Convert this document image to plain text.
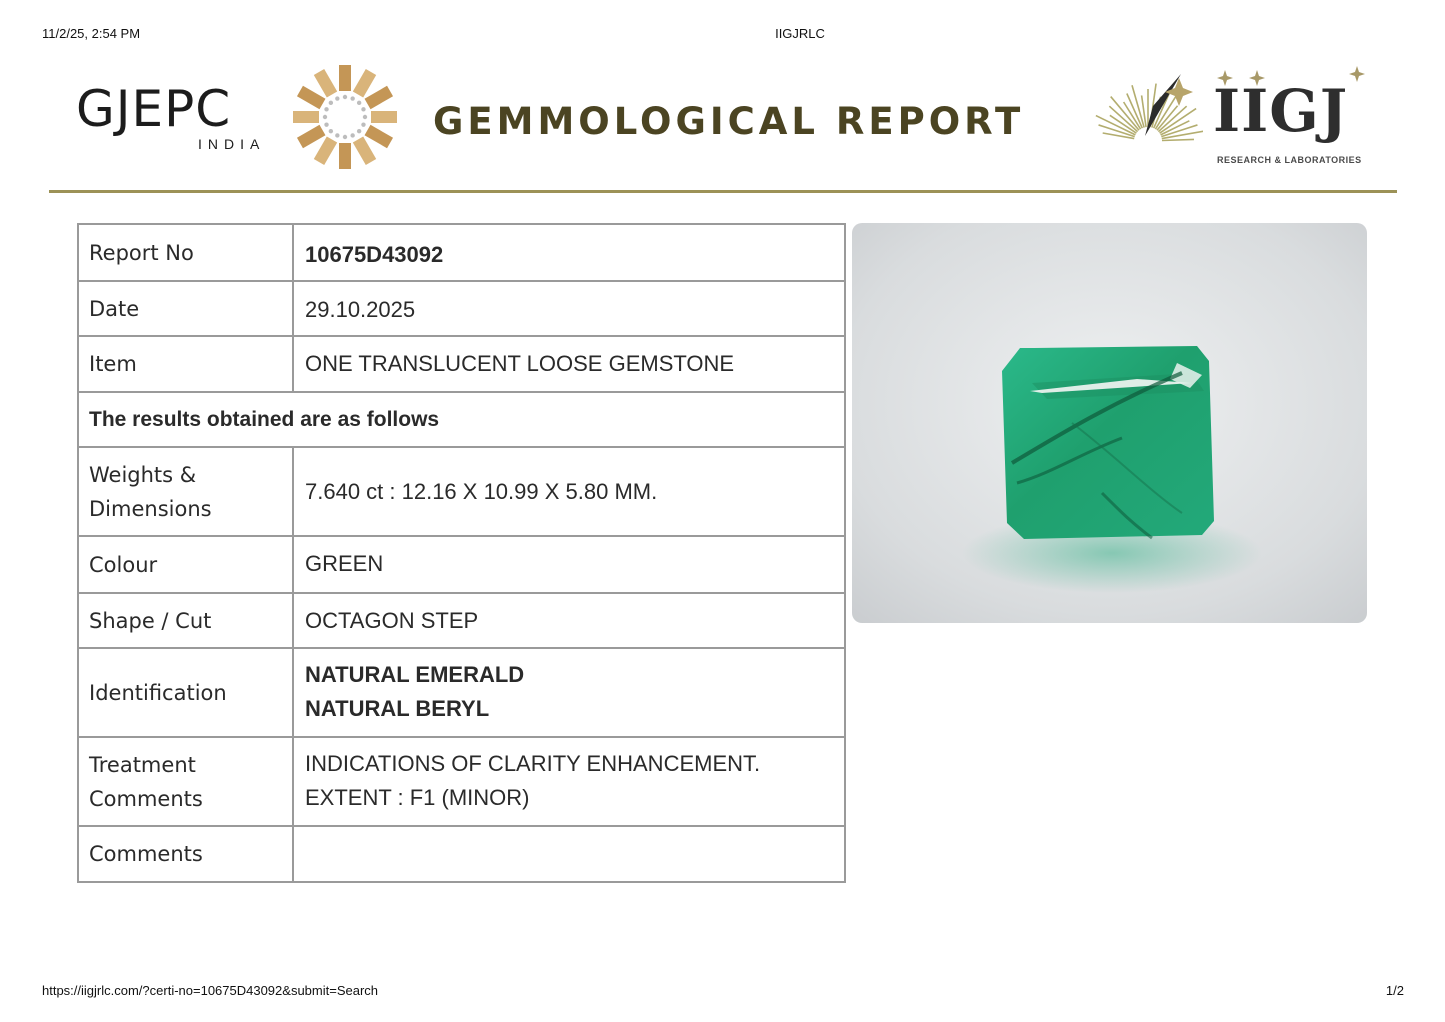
11/2/25, 2:54 PM	IIGJRLC
GJEPC
INDIA
GEMMOLOGICAL REPORT	IIGJ
RESEARCH & LABORATORIES
Report No	10675D43092
Date	29.10.2025
Item	ONE TRANSLUCENT LOOSE GEMSTONE
The results obtained are as follows	

Weights &
Dimensions	7.640 ct : 12.16 X 10.99 X 5.80 MM.
Colour	GREEN
Shape / Cut	OCTAGON STEP
Identification	NATURAL EMERALD
NATURAL BERYL

Treatment
Comments	INDICATIONS OF CLARITY ENHANCEMENT.
EXTENT : F1 (MINOR)

Comments	
https://iigjrlc.com/?certi-no=10675D43092&submit=Search	1/2
